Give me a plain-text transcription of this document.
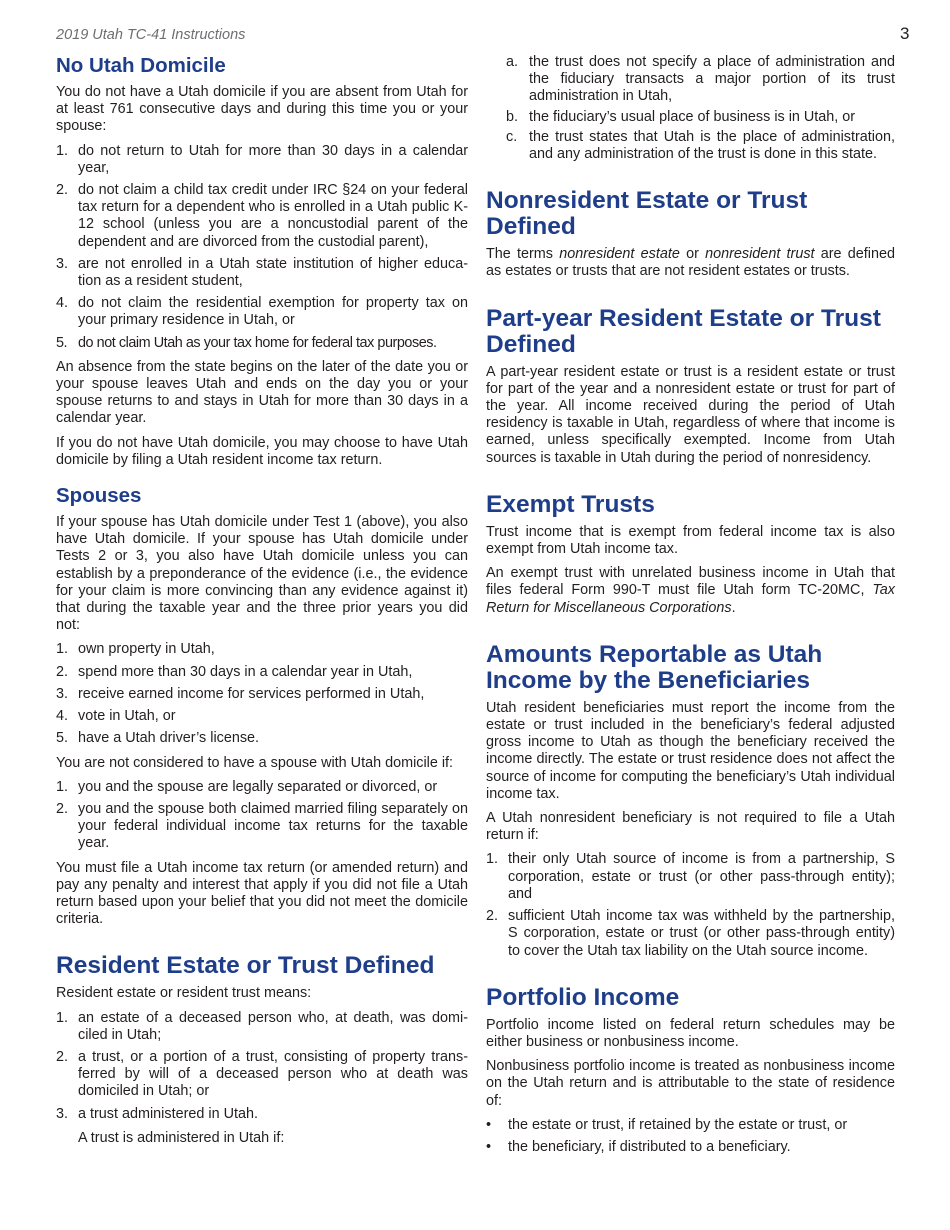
2019 Utah TC-41 Instructions	3
No Utah Domicile

You do not have a Utah domicile if you are absent from Utah for at least 761 consecutive days and during this time you or your spouse:

1. do not return to Utah for more than 30 days in a calendar year,
2. do not claim a child tax credit under IRC §24 on your federal tax return for a dependent who is enrolled in a Utah public K-12 school (unless you are a noncustodial parent of the dependent and are divorced from the custodial parent),
3. are not enrolled in a Utah state institution of higher educa-tion as a resident student,
4. do not claim the residential exemption for property tax on your primary residence in Utah, or
5. do not claim Utah as your tax home for federal tax purposes.

An absence from the state begins on the later of the date you or your spouse leaves Utah and ends on the day you or your spouse returns to and stays in Utah for more than 30 days in a calendar year.

If you do not have Utah domicile, you may choose to have Utah domicile by filing a Utah resident income tax return.

Spouses

If your spouse has Utah domicile under Test 1 (above), you also have Utah domicile. If your spouse has Utah domicile under Tests 2 or 3, you also have Utah domicile unless you can establish by a preponderance of the evidence (i.e., the evidence for your claim is more convincing than any evidence against it) that during the taxable year and the three prior years you did not:

1. own property in Utah,
2. spend more than 30 days in a calendar year in Utah,
3. receive earned income for services performed in Utah,
4. vote in Utah, or
5. have a Utah driver’s license.

You are not considered to have a spouse with Utah domicile if:

1. you and the spouse are legally separated or divorced, or
2. you and the spouse both claimed married filing separately on your federal individual income tax returns for the taxable year.

You must file a Utah income tax return (or amended return) and pay any penalty and interest that apply if you did not file a Utah return based upon your belief that you did not meet the domicile criteria.

Resident Estate or Trust Defined

Resident estate or resident trust means:

1. an estate of a deceased person who, at death, was domi-ciled in Utah;
2. a trust, or a portion of a trust, consisting of property trans-ferred by will of a deceased person who at death was domiciled in Utah; or
3. a trust administered in Utah.

A trust is administered in Utah if:

a. the trust does not specify a place of administration and the fiduciary transacts a major portion of its trust administration in Utah,
b. the fiduciary’s usual place of business is in Utah, or
c. the trust states that Utah is the place of administration, and any administration of the trust is done in this state.
Nonresident Estate or Trust Defined

The terms nonresident estate or nonresident trust are defined as estates or trusts that are not resident estates or trusts.

Part-year Resident Estate or Trust Defined

A part-year resident estate or trust is a resident estate or trust for part of the year and a nonresident estate or trust for part of the year. All income received during the period of Utah residency is taxable in Utah, regardless of where that income is earned, unless specifically exempted. Income from Utah sources is taxable in Utah during the period of nonresidency.

Exempt Trusts

Trust income that is exempt from federal income tax is also exempt from Utah income tax.

An exempt trust with unrelated business income in Utah that files federal Form 990-T must file Utah form TC-20MC, Tax Return for Miscellaneous Corporations.

Amounts Reportable as Utah Income by the Beneficiaries

Utah resident beneficiaries must report the income from the estate or trust included in the beneficiary’s federal adjusted gross income to Utah as though the beneficiary received the income directly. The estate or trust residence does not affect the source of income for computing the beneficiary’s Utah individual income tax.

A Utah nonresident beneficiary is not required to file a Utah return if:

1. their only Utah source of income is from a partnership, S corporation, estate or trust (or other pass-through entity); and
2. sufficient Utah income tax was withheld by the partnership, S corporation, estate or trust (or other pass-through entity) to cover the Utah tax liability on the Utah source income.
Portfolio Income

Portfolio income listed on federal return schedules may be either business or nonbusiness income.

Nonbusiness portfolio income is treated as nonbusiness income on the Utah return and is attributable to the state of residence of:

• the estate or trust, if retained by the estate or trust, or
• the beneficiary, if distributed to a beneficiary.
